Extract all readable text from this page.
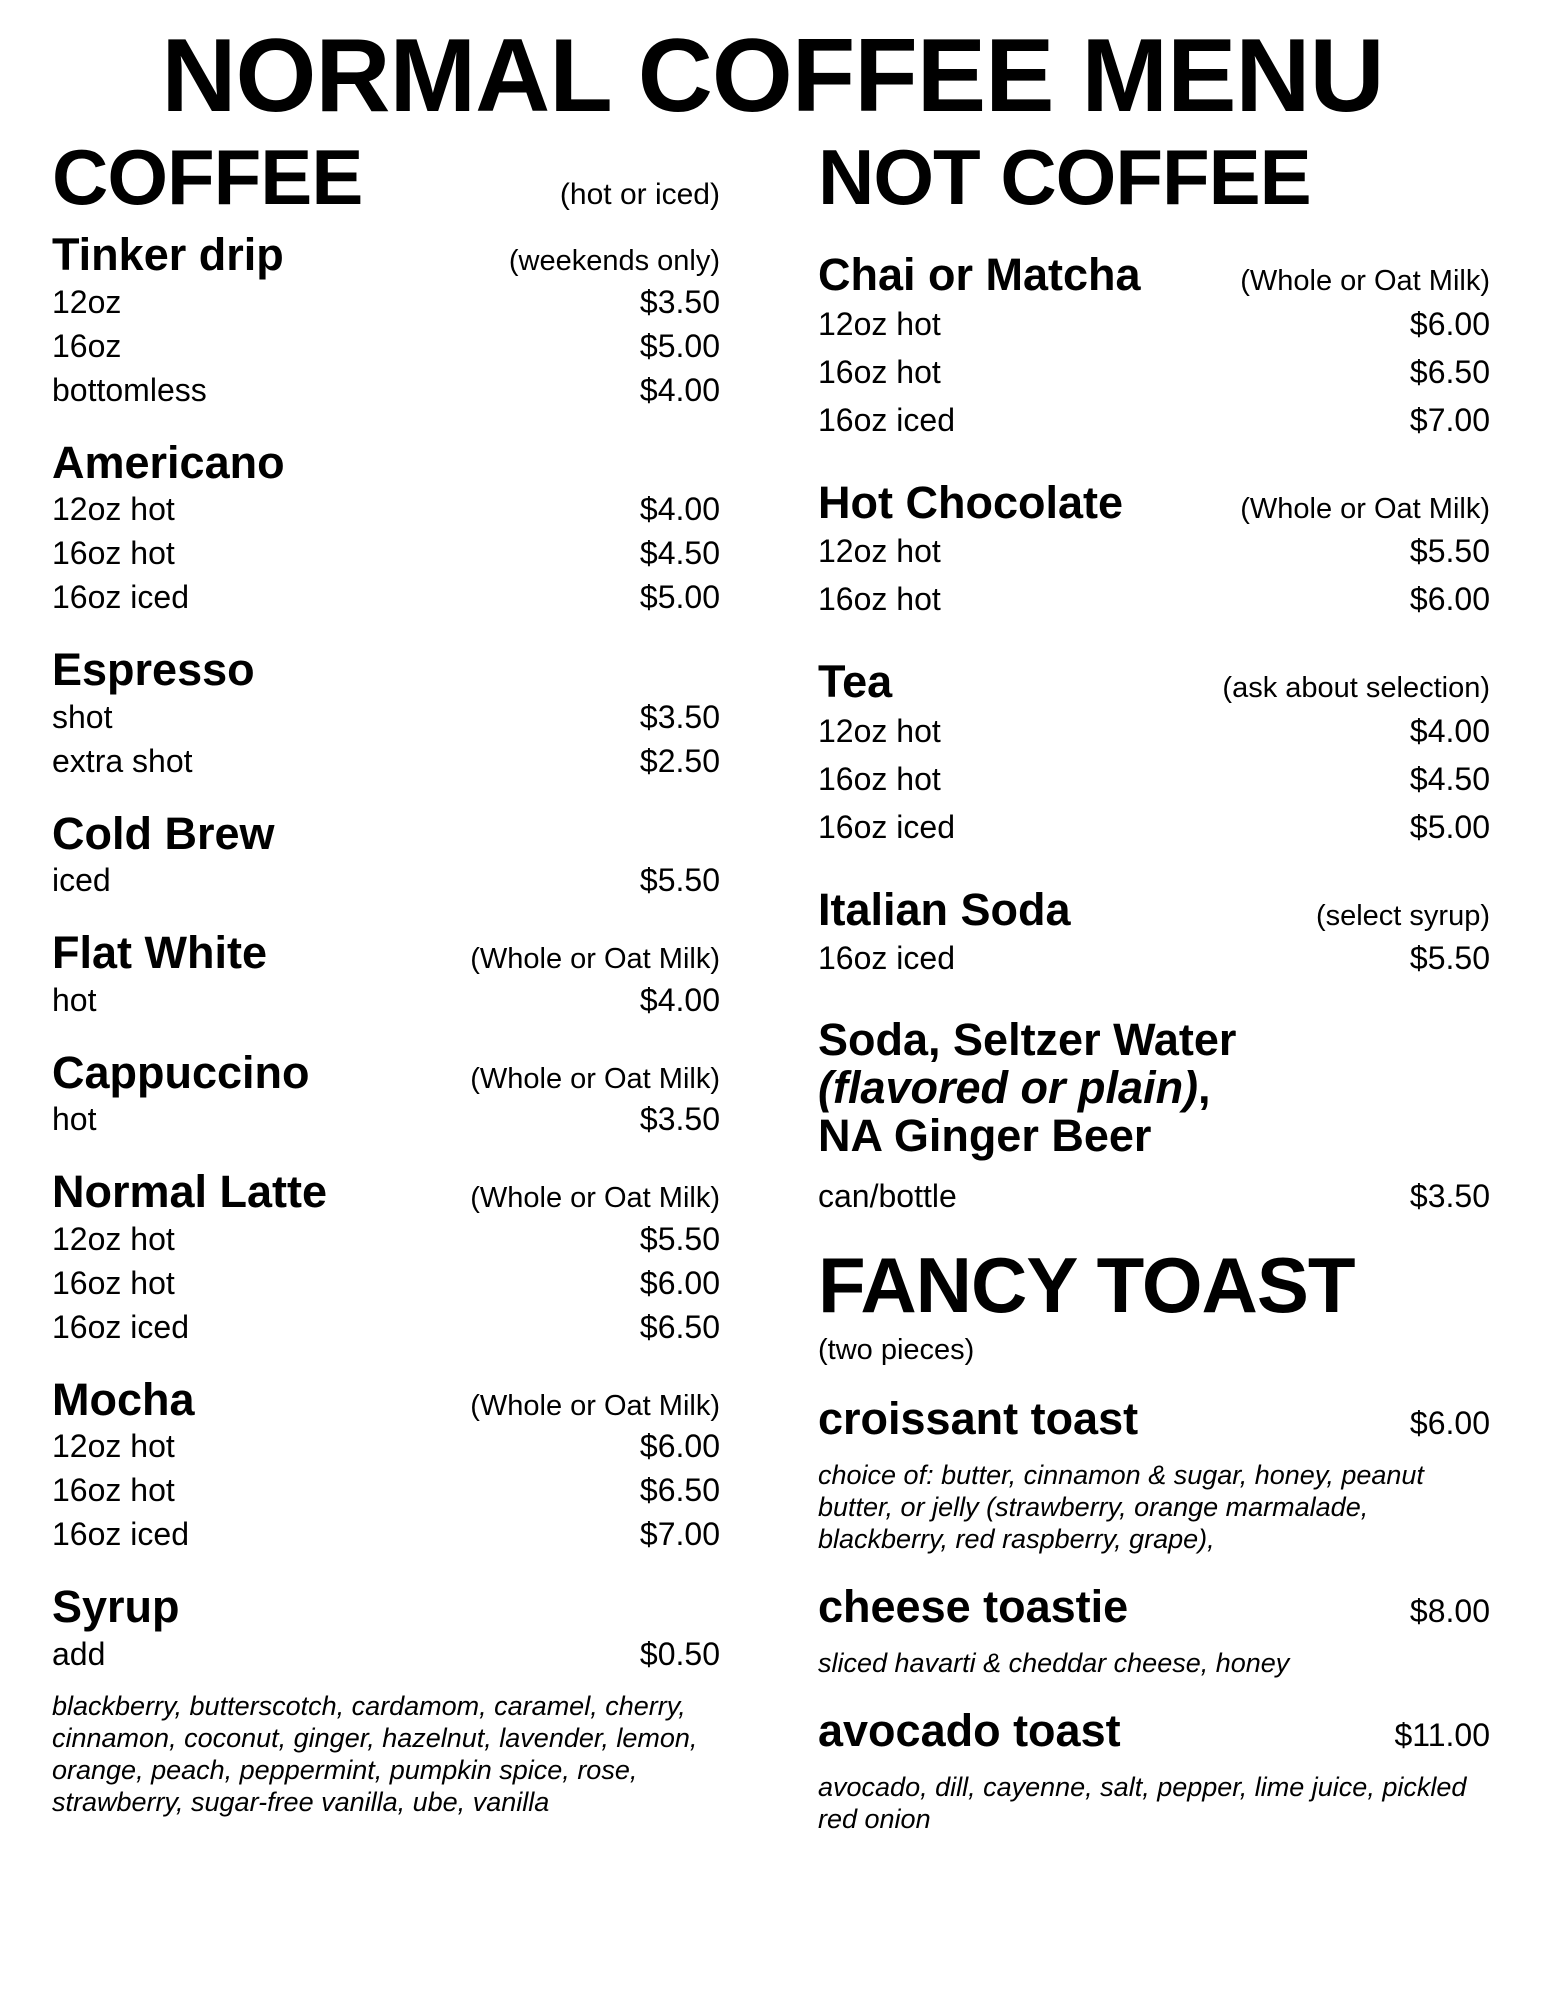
NORMAL COFFEE MENU
COFFEE	(hot or iced)
Tinker drip	(weekends only)
12oz	$3.50
16oz	$5.00
bottomless	$4.00
Americano
12oz hot	$4.00
16oz hot	$4.50
16oz iced	$5.00
Espresso
shot	$3.50
extra shot	$2.50
Cold Brew
iced	$5.50
Flat White	(Whole or Oat Milk)
hot	$4.00
Cappuccino	(Whole or Oat Milk)
hot	$3.50
Normal Latte	(Whole or Oat Milk)
12oz hot	$5.50
16oz hot	$6.00
16oz iced	$6.50
Mocha	(Whole or Oat Milk)
12oz hot	$6.00
16oz hot	$6.50
16oz iced	$7.00
Syrup
add	$0.50
blackberry, butterscotch, cardamom, caramel, cherry, cinnamon, coconut, ginger, hazelnut, lavender, lemon, orange, peach, peppermint, pumpkin spice, rose, strawberry, sugar-free vanilla, ube, vanilla
NOT COFFEE
Chai or Matcha	(Whole or Oat Milk)
12oz hot	$6.00
16oz hot	$6.50
16oz iced	$7.00
Hot Chocolate	(Whole or Oat Milk)
12oz hot	$5.50
16oz hot	$6.00
Tea	(ask about selection)
12oz hot	$4.00
16oz hot	$4.50
16oz iced	$5.00
Italian Soda	(select syrup)
16oz iced	$5.50
Soda, Seltzer Water
(flavored or plain),
NA Ginger Beer
can/bottle	$3.50
FANCY TOAST
(two pieces)
croissant toast	$6.00
choice of: butter, cinnamon & sugar, honey, peanut butter, or jelly (strawberry, orange marmalade, blackberry, red raspberry, grape),
cheese toastie	$8.00
sliced havarti & cheddar cheese, honey
avocado toast	$11.00
avocado, dill, cayenne, salt, pepper, lime juice, pickled red onion
